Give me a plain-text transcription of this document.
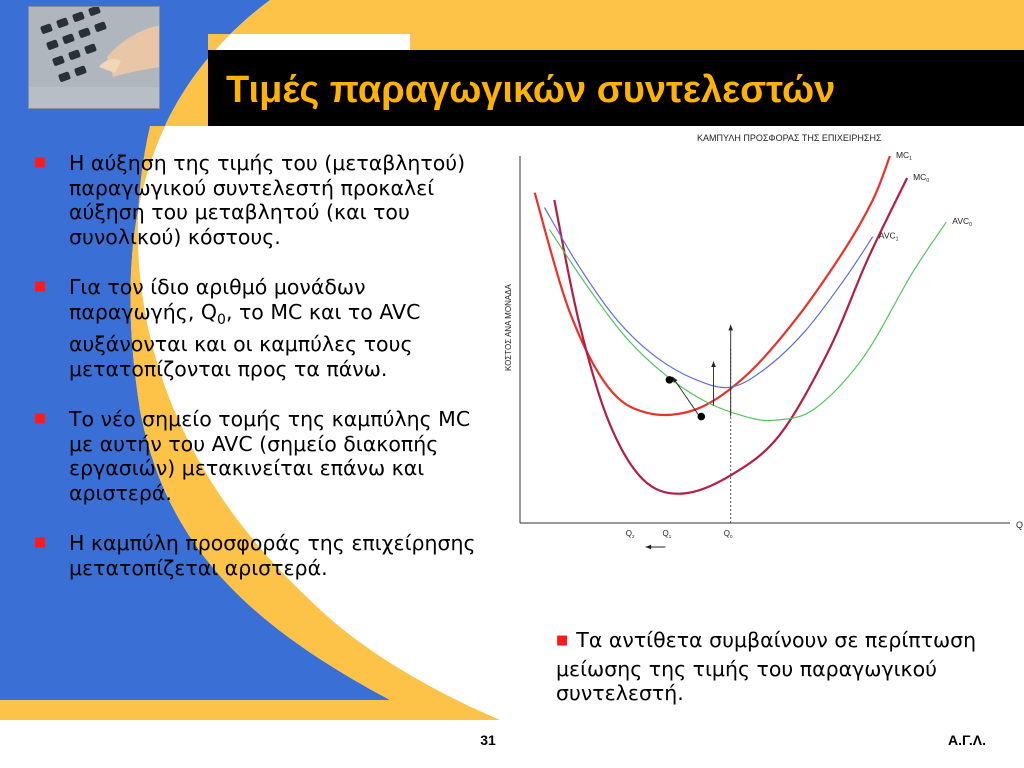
Τιμές παραγωγικών συντελεστών
■ Η αύξηση της τιμής του (μεταβλητού) παραγωγικού συντελεστή προκαλεί αύξηση του μεταβλητού (και του συνολικού) κόστους.
■ Για τον ίδιο αριθμό μονάδων παραγωγής, $Q_0$, το MC και το AVC αυξάνονται και οι καμπύλες τους μετατοπίζονται προς τα πάνω.
■ Το νέο σημείο τομής της καμπύλης MC με αυτήν του AVC (σημείο διακοπής εργασιών) μετακινείται επάνω και αριστερά.
■ Η καμπύλη προσφοράς της επιχείρησης μετατοπίζεται αριστερά.
ΚΑΜΠΥΛΗ ΠΡΟΣΦΟΡΑΣ ΤΗΣ ΕΠΙΧΕΙΡΗΣΗΣ
ΚΟΣΤΟΣ ΑΝΑ ΜΟΝΑΔΑ
Q
$MC_1$
$MC_0$
$AVC_1$
$AVC_0$
$Q_2$	$Q_1$	$Q_0$
■ Τα αντίθετα συμβαίνουν σε περίπτωση μείωσης της τιμής του παραγωγικού συντελεστή.
31	Α.Γ.Λ.
